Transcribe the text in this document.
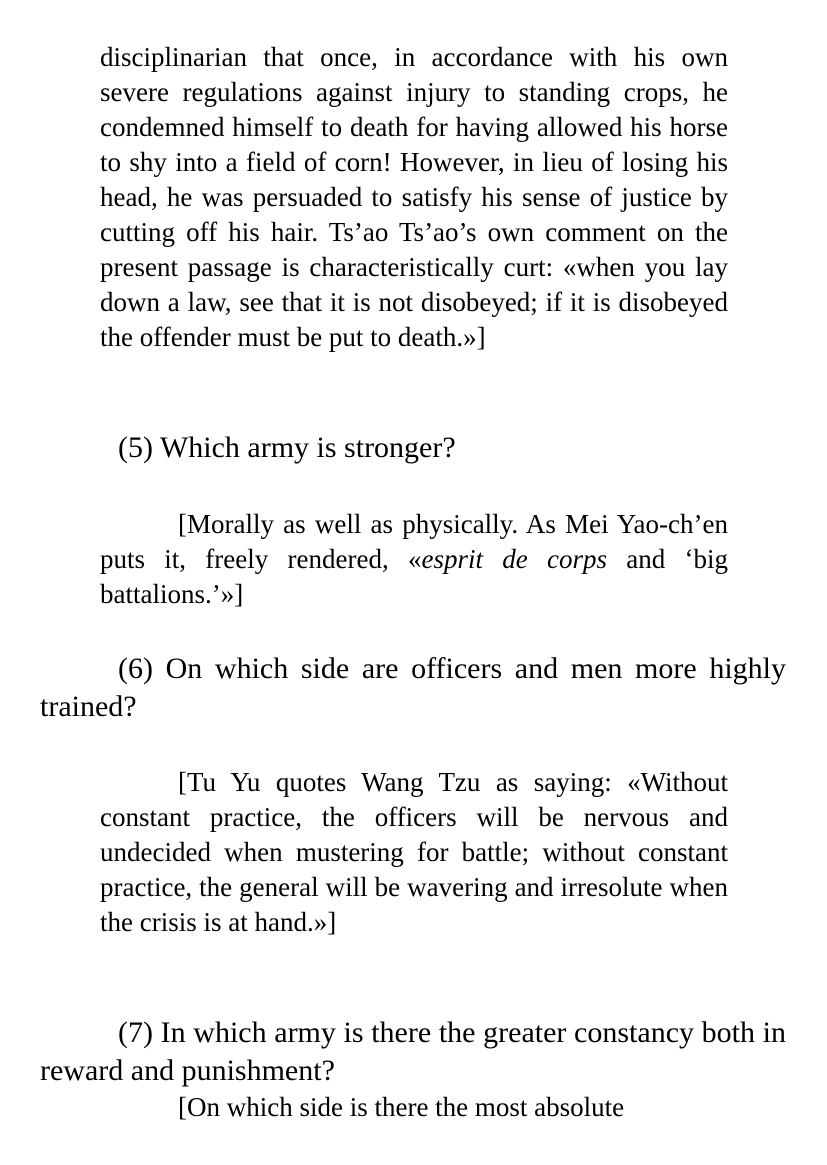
disciplinarian that once, in accordance with his own severe regulations against injury to standing crops, he condemned himself to death for having allowed his horse to shy into a field of corn! However, in lieu of losing his head, he was persuaded to satisfy his sense of justice by cutting off his hair. Ts’ao Ts’ao’s own comment on the present passage is characteristically curt: «when you lay down a law, see that it is not disobeyed; if it is disobeyed the offender must be put to death.»]

(5) Which army is stronger?

[Morally as well as physically. As Mei Yao-ch’en puts it, freely rendered, «esprit de corps and ‘big battalions.’»]

(6) On which side are officers and men more highly trained?

[Tu Yu quotes Wang Tzu as saying: «Without constant practice, the officers will be nervous and undecided when mustering for battle; without constant practice, the general will be wavering and irresolute when the crisis is at hand.»]

(7) In which army is there the greater constancy both in reward and punishment?

[On which side is there the most absolute
